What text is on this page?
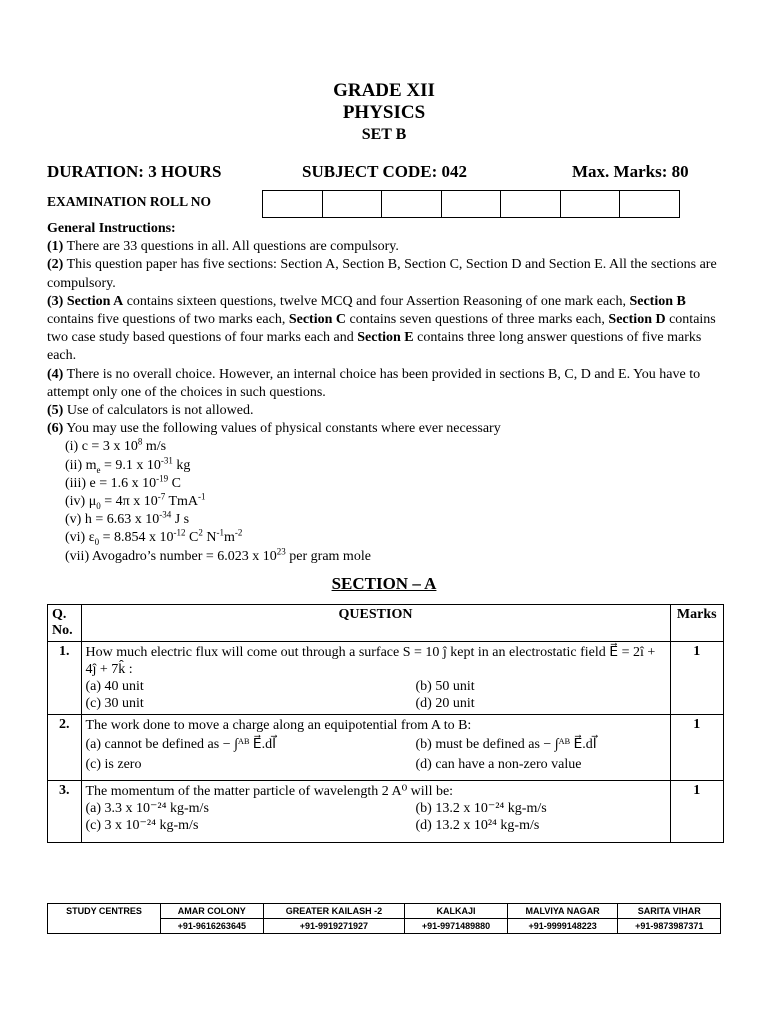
GRADE XII
PHYSICS
SET B
DURATION: 3 HOURS	SUBJECT CODE: 042	Max. Marks: 80
EXAMINATION ROLL NO

General Instructions:

(1) There are 33 questions in all. All questions are compulsory.

(2) This question paper has five sections: Section A, Section B, Section C, Section D and Section E. All the sections are compulsory.

(3) Section A contains sixteen questions, twelve MCQ and four Assertion Reasoning of one mark each, Section B contains five questions of two marks each, Section C contains seven questions of three marks each, Section D contains two case study based questions of four marks each and Section E contains three long answer questions of five marks each.

(4) There is no overall choice. However, an internal choice has been provided in sections B, C, D and E. You have to attempt only one of the choices in such questions.

(5) Use of calculators is not allowed.

(6) You may use the following values of physical constants where ever necessary

(i) c = 3 x $10^8$ m/s

(ii) $m_e = 9.1$ x $10^{-31}$ kg

(iii) e = 1.6 x $10^{-19}$ C

(iv) $\mu_0 = 4\pi$ x $10^{-7}$ TmA$^{-1}$

(v) h = 6.63 x $10^{-34}$ J s

(vi) $\varepsilon_0 = 8.854$ x $10^{-12}$ $C^2$ $N^{-1}m^{-2}$

(vii) Avogadro’s number = 6.023 x $10^{23}$ per gram mole

SECTION – A
Q. No.	QUESTION	Marks
1.	How much electric flux will come out through a surface S = 10 ĵ kept in an electrostatic field E⃗ = 2î + 4ĵ + 7k̂ :
(a) 40 unit (b) 50 unit
(c) 30 unit (d) 20 unit	1
2.	The work done to move a charge along an equipotential from A to B:
(a) cannot be defined as − ∫ᴬᴮ E⃗.dl⃗ (b) must be defined as − ∫ᴬᴮ E⃗.dl⃗
(c) is zero (d) can have a non-zero value	1
3.	The momentum of the matter particle of wavelength 2 A⁰ will be:
(a) 3.3 x 10⁻²⁴ kg-m/s (b) 13.2 x 10⁻²⁴ kg-m/s
(c) 3 x 10⁻²⁴ kg-m/s (d) 13.2 x 10²⁴ kg-m/s	1
STUDY CENTRES	AMAR COLONY	GREATER KAILASH -2	KALKAJI	MALVIYA NAGAR	SARITA VIHAR
	+91-9616263645	+91-9919271927	+91-9971489880	+91-9999148223	+91-9873987371
